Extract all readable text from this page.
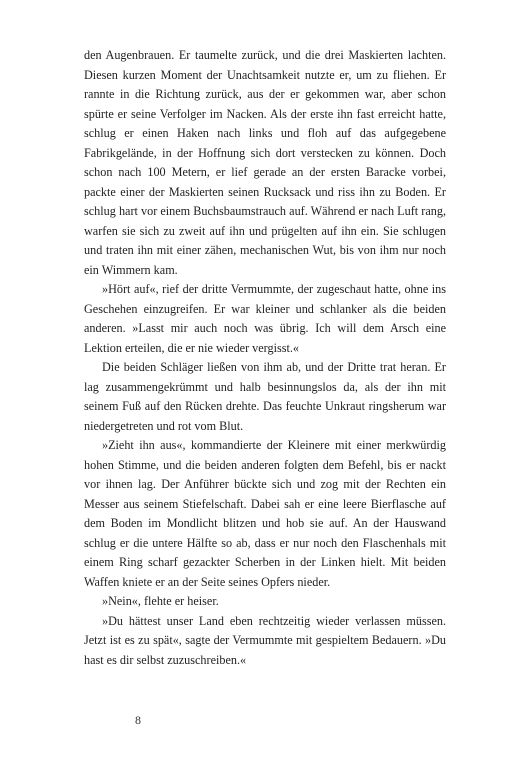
den Augenbrauen. Er taumelte zurück, und die drei Maskierten lachten. Diesen kurzen Moment der Unachtsamkeit nutzte er, um zu fliehen. Er rannte in die Richtung zurück, aus der er gekommen war, aber schon spürte er seine Verfolger im Nacken. Als der erste ihn fast erreicht hatte, schlug er einen Haken nach links und floh auf das aufgegebene Fabrikgelände, in der Hoffnung sich dort verstecken zu können. Doch schon nach 100 Metern, er lief gerade an der ersten Baracke vorbei, packte einer der Maskierten seinen Rucksack und riss ihn zu Boden. Er schlug hart vor einem Buchsbaumstrauch auf. Während er nach Luft rang, warfen sie sich zu zweit auf ihn und prügelten auf ihn ein. Sie schlugen und traten ihn mit einer zähen, mechanischen Wut, bis von ihm nur noch ein Wimmern kam.

»Hört auf«, rief der dritte Vermummte, der zugeschaut hatte, ohne ins Geschehen einzugreifen. Er war kleiner und schlanker als die beiden anderen. »Lasst mir auch noch was übrig. Ich will dem Arsch eine Lektion erteilen, die er nie wieder vergisst.«

Die beiden Schläger ließen von ihm ab, und der Dritte trat heran. Er lag zusammengekrümmt und halb besinnungslos da, als der ihn mit seinem Fuß auf den Rücken drehte. Das feuchte Unkraut ringsherum war niedergetreten und rot vom Blut.

»Zieht ihn aus«, kommandierte der Kleinere mit einer merkwürdig hohen Stimme, und die beiden anderen folgten dem Befehl, bis er nackt vor ihnen lag. Der Anführer bückte sich und zog mit der Rechten ein Messer aus seinem Stiefelschaft. Dabei sah er eine leere Bierflasche auf dem Boden im Mondlicht blitzen und hob sie auf. An der Hauswand schlug er die untere Hälfte so ab, dass er nur noch den Flaschenhals mit einem Ring scharf gezackter Scherben in der Linken hielt. Mit beiden Waffen kniete er an der Seite seines Opfers nieder.

»Nein«, flehte er heiser.

»Du hättest unser Land eben rechtzeitig wieder verlassen müssen. Jetzt ist es zu spät«, sagte der Vermummte mit gespieltem Bedauern. »Du hast es dir selbst zuzuschreiben.«

8
